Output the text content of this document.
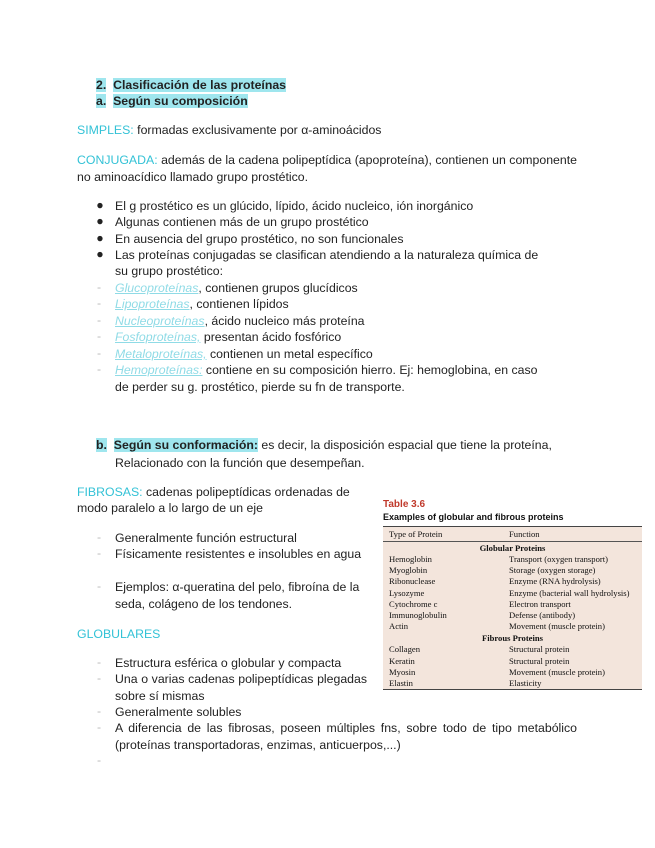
2. Clasificación de las proteínas
a. Según su composición
SIMPLES: formadas exclusivamente por α-aminoácidos
CONJUGADA: además de la cadena polipeptídica (apoproteína), contienen un componente no aminoacídico llamado grupo prostético.
● El g prostético es un glúcido, lípido, ácido nucleico, ión inorgánico
● Algunas contienen más de un grupo prostético
● En ausencia del grupo prostético, no son funcionales
● Las proteínas conjugadas se clasifican atendiendo a la naturaleza química de
su grupo prostético:
- Glucoproteínas, contienen grupos glucídicos
- Lipoproteínas, contienen lípidos
- Nucleoproteínas, ácido nucleico más proteína
- Fosfoproteínas, presentan ácido fosfórico
- Metaloproteínas, contienen un metal específico
- Hemoproteínas: contiene en su composición hierro. Ej: hemoglobina, en caso
de perder su g. prostético, pierde su fn de transporte.
b. Según su conformación: es decir, la disposición espacial que tiene la proteína,
Relacionado con la función que desempeñan.
FIBROSAS: cadenas polipeptídicas ordenadas de
modo paralelo a lo largo de un eje
- Generalmente función estructural
- Físicamente resistentes e insolubles en agua
- Ejemplos: α-queratina del pelo, fibroína de la seda, colágeno de los tendones.
GLOBULARES
- Estructura esférica o globular y compacta
- Una o varias cadenas polipeptídicas plegadas sobre sí mismas
- Generalmente solubles
- A diferencia de las fibrosas, poseen múltiples fns, sobre todo de tipo metabólico (proteínas transportadoras, enzimas, anticuerpos,...)
-
Table 3.6
Examples of globular and fibrous proteins
Type of Protein	Function
Globular Proteins
Hemoglobin	Transport (oxygen transport)
Myoglobin	Storage (oxygen storage)
Ribonuclease	Enzyme (RNA hydrolysis)
Lysozyme	Enzyme (bacterial wall hydrolysis)
Cytochrome c	Electron transport
Immunoglobulin	Defense (antibody)
Actin	Movement (muscle protein)
Fibrous Proteins
Collagen	Structural protein
Keratin	Structural protein
Myosin	Movement (muscle protein)
Elastin	Elasticity
